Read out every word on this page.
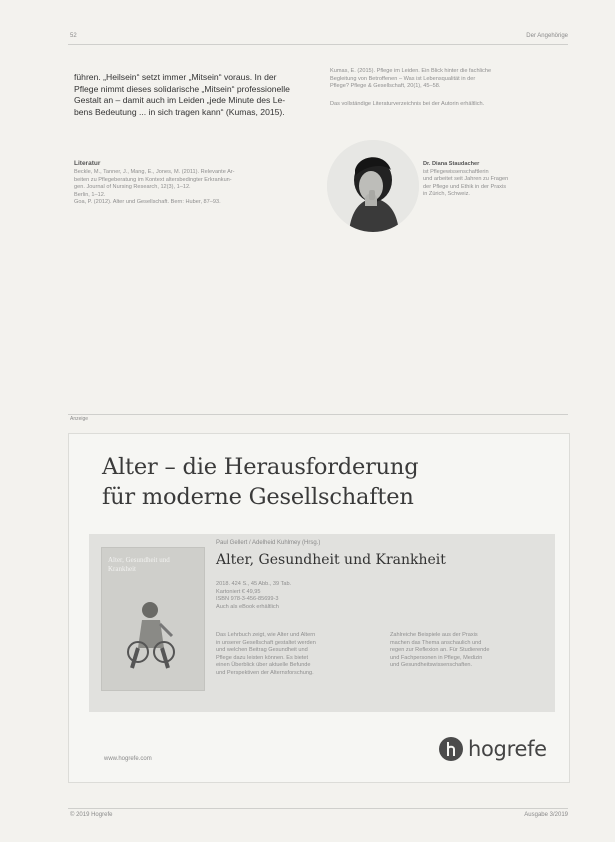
52	Der Angehörige
führen. „Heilsein“ setzt immer „Mitsein“ voraus. In der
Pflege nimmt dieses solidarische „Mitsein“ professionelle
Gestalt an – damit auch im Leiden „jede Minute des Le-
bens Bedeutung ... in sich tragen kann“ (Kumas, 2015).
Kumas, E. (2015). Pflege im Leiden. Ein Blick hinter die fachliche
Begleitung von Betroffenen – Was ist Lebensqualität in der
Pflege? Pflege & Gesellschaft, 20(1), 45–58.
Das vollständige Literaturverzeichnis bei der Autorin erhältlich.
Literatur
Beckle, M., Tanner, J., Mang, E., Jones, M. (2011). Relevante Ar-
beiten zu Pflegeberatung im Kontext altersbedingter Erkrankun-
gen. Journal of Nursing Research, 12(3), 1–12.
Berlin, 1–12.
Goa, P. (2012). Alter und Gesellschaft. Bern: Huber, 87–93.
Dr. Diana Staudacher
ist Pflegewissenschaftlerin
und arbeitet seit Jahren zu Fragen
der Pflege und Ethik in der Praxis
in Zürich, Schweiz.
Anzeige
Alter – die Herausforderung
für moderne Gesellschaften
Alter, Gesundheit und Krankheit
Paul Gellert / Adelheid Kuhlmey (Hrsg.)
Alter, Gesundheit und Krankheit
2018. 424 S., 45 Abb., 39 Tab.
Kartoniert € 49,95
ISBN 978-3-456-85699-3
Auch als eBook erhältlich
Das Lehrbuch zeigt, wie Alter und Altern
in unserer Gesellschaft gestaltet werden
und welchen Beitrag Gesundheit und
Pflege dazu leisten können. Es bietet
einen Überblick über aktuelle Befunde
und Perspektiven der Alternsforschung.
Zahlreiche Beispiele aus der Praxis
machen das Thema anschaulich und
regen zur Reflexion an. Für Studierende
und Fachpersonen in Pflege, Medizin
und Gesundheitswissenschaften.
www.hogrefe.com	hogrefe
© 2019 Hogrefe	Ausgabe 3/2019
